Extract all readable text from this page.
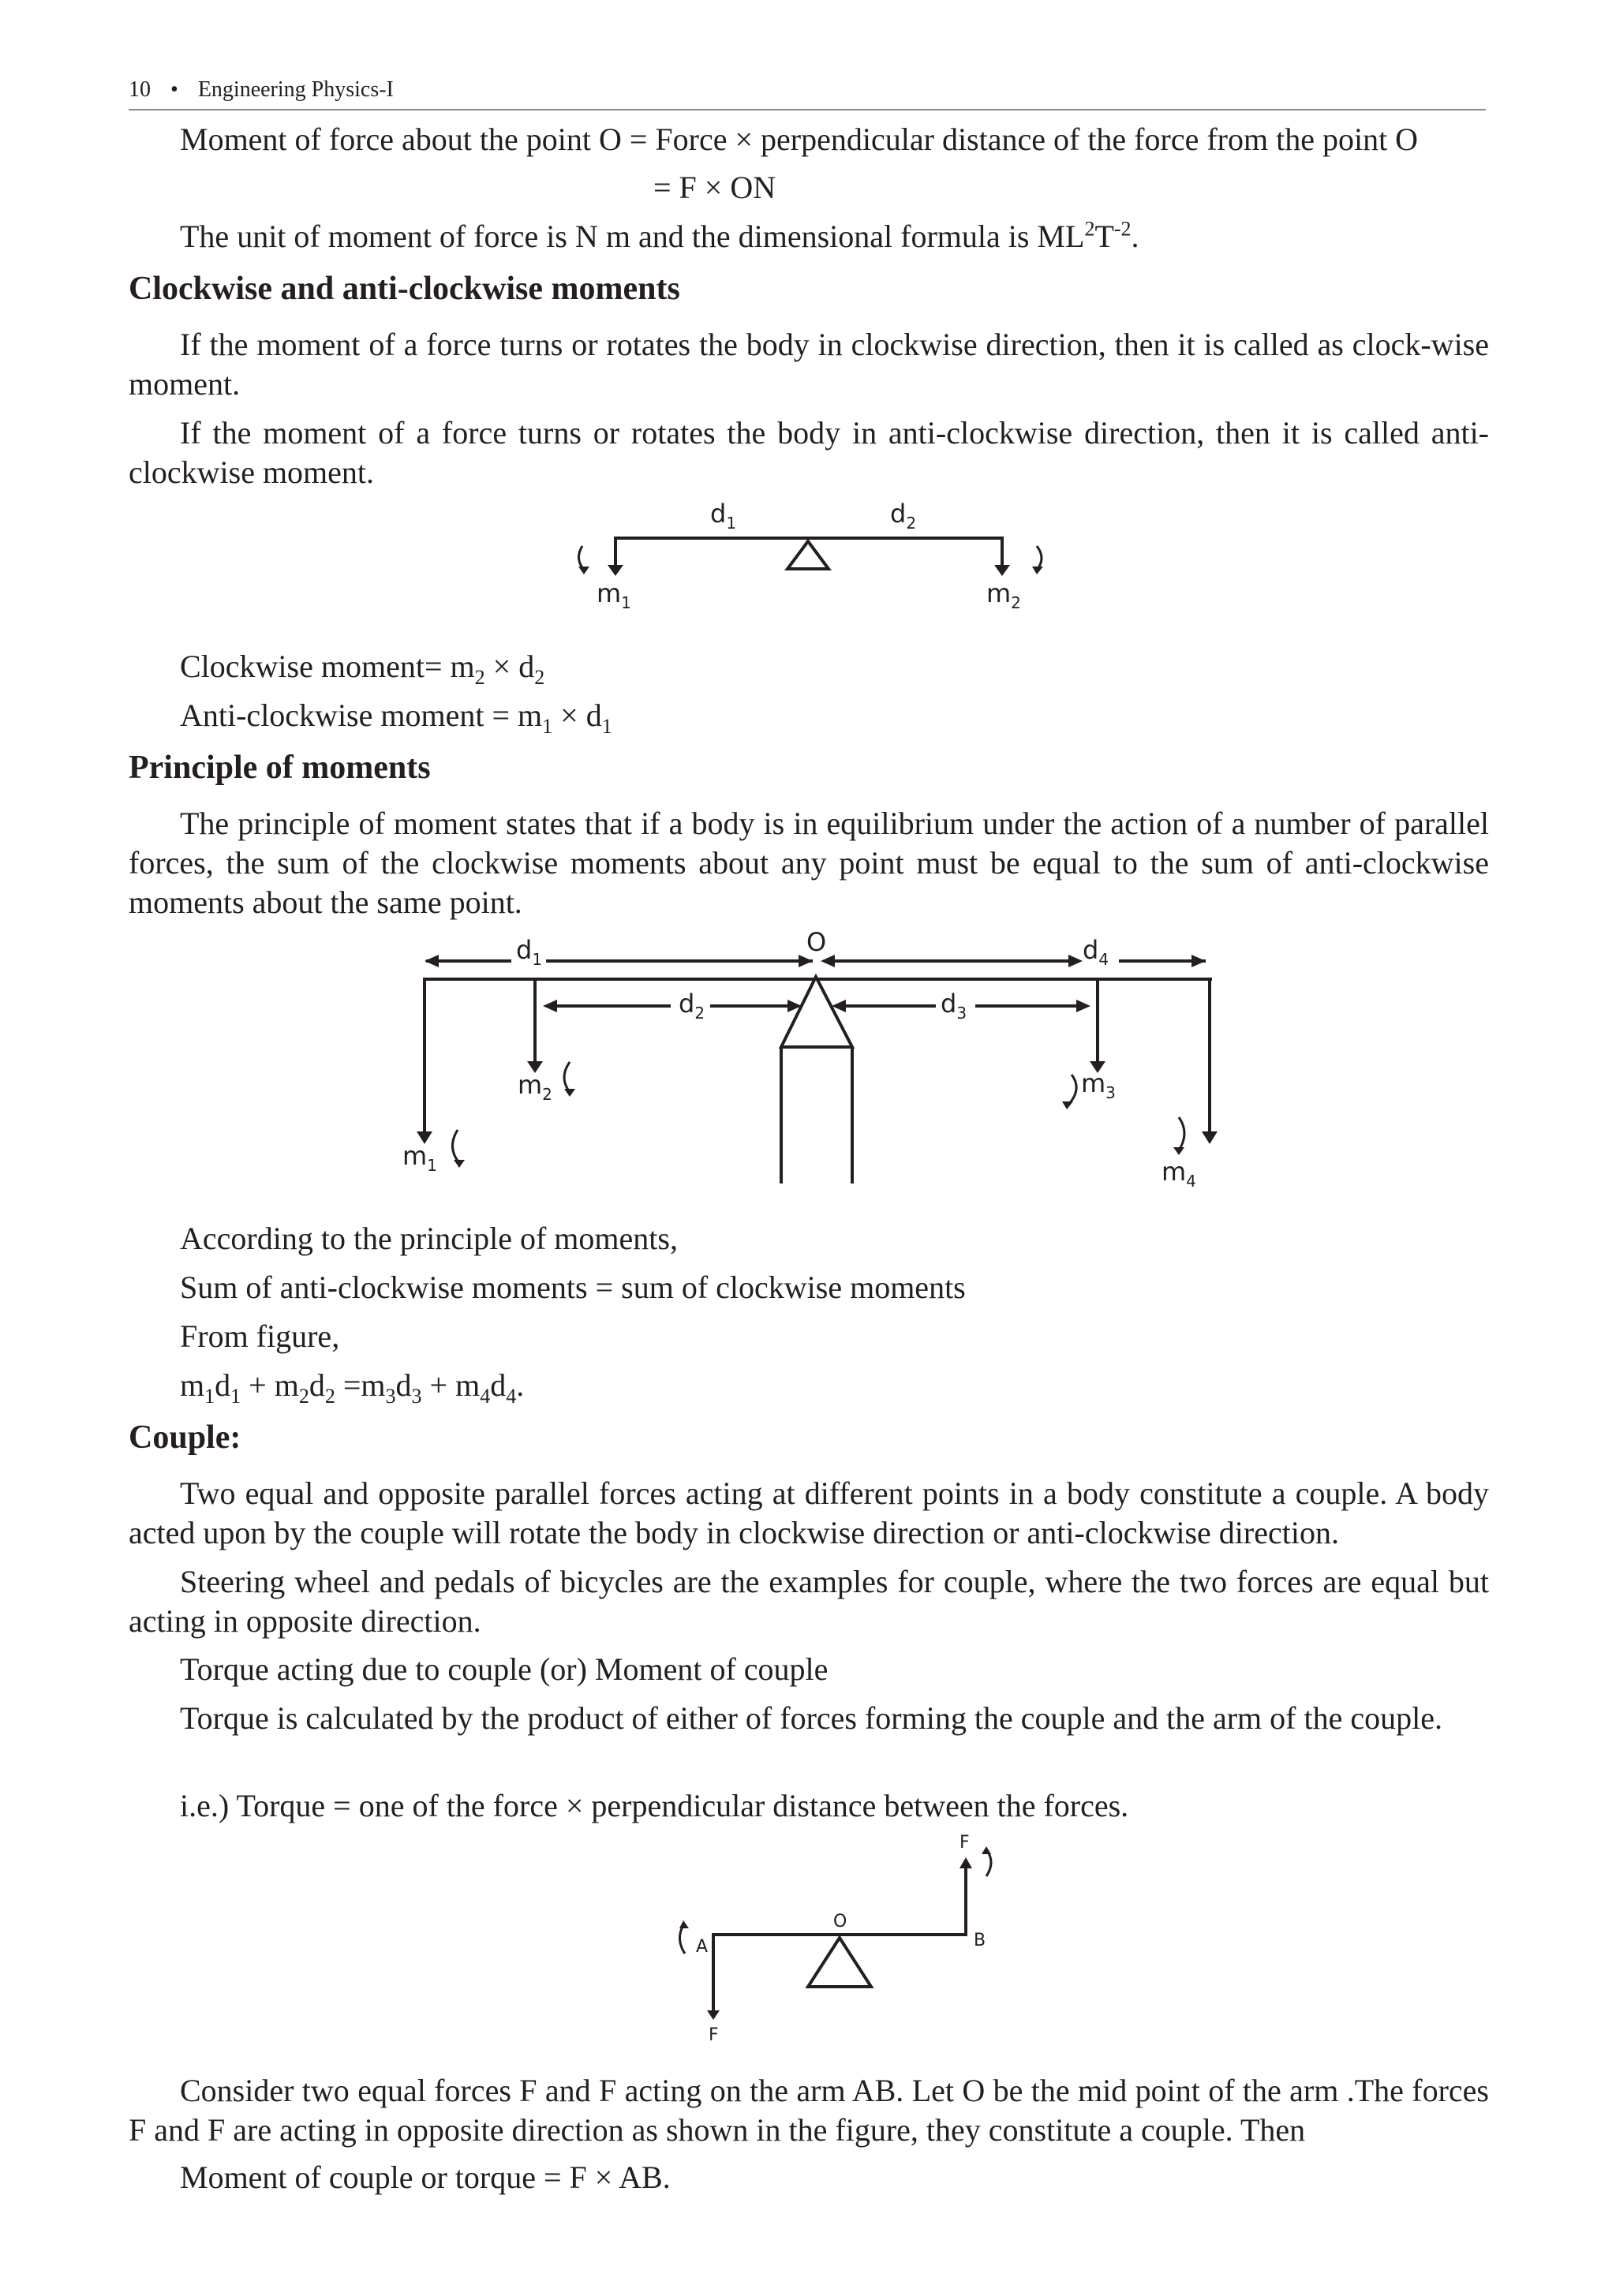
10 • Engineering Physics-I
Moment of force about the point O = Force × perpendicular distance of the force from the point O
= F × ON
The unit of moment of force is N m and the dimensional formula is $ML^2T^{-2}$.
Clockwise and anti-clockwise moments
If the moment of a force turns or rotates the body in clockwise direction, then it is called as clock-wise moment.
If the moment of a force turns or rotates the body in anti-clockwise direction, then it is called anti-clockwise moment.
$d_1$	$d_2$
$m_1$	$m_2$
Clockwise moment= $m_2 \times d_2$
Anti-clockwise moment = $m_1 \times d_1$
Principle of moments
The principle of moment states that if a body is in equilibrium under the action of a number of parallel forces, the sum of the clockwise moments about any point must be equal to the sum of anti-clockwise moments about the same point.
O
$d_1$	$d_4$
$d_2$	$d_3$
$m_2$	$m_3$
$m_1$	$m_4$
According to the principle of moments,
Sum of anti-clockwise moments = sum of clockwise moments
From figure,
$m_1d_1 + m_2d_2 =m_3d_3 + m_4d_4$.
Couple:
Two equal and opposite parallel forces acting at different points in a body constitute a couple. A body acted upon by the couple will rotate the body in clockwise direction or anti-clockwise direction.
Steering wheel and pedals of bicycles are the examples for couple, where the two forces are equal but acting in opposite direction.
Torque acting due to couple (or) Moment of couple
Torque is calculated by the product of either of forces forming the couple and the arm of the couple.
i.e.) Torque = one of the force × perpendicular distance between the forces.
F
O
A	B
F
Consider two equal forces F and F acting on the arm AB. Let O be the mid point of the arm .The forces F and F are acting in opposite direction as shown in the figure, they constitute a couple. Then
Moment of couple or torque = F × AB.
